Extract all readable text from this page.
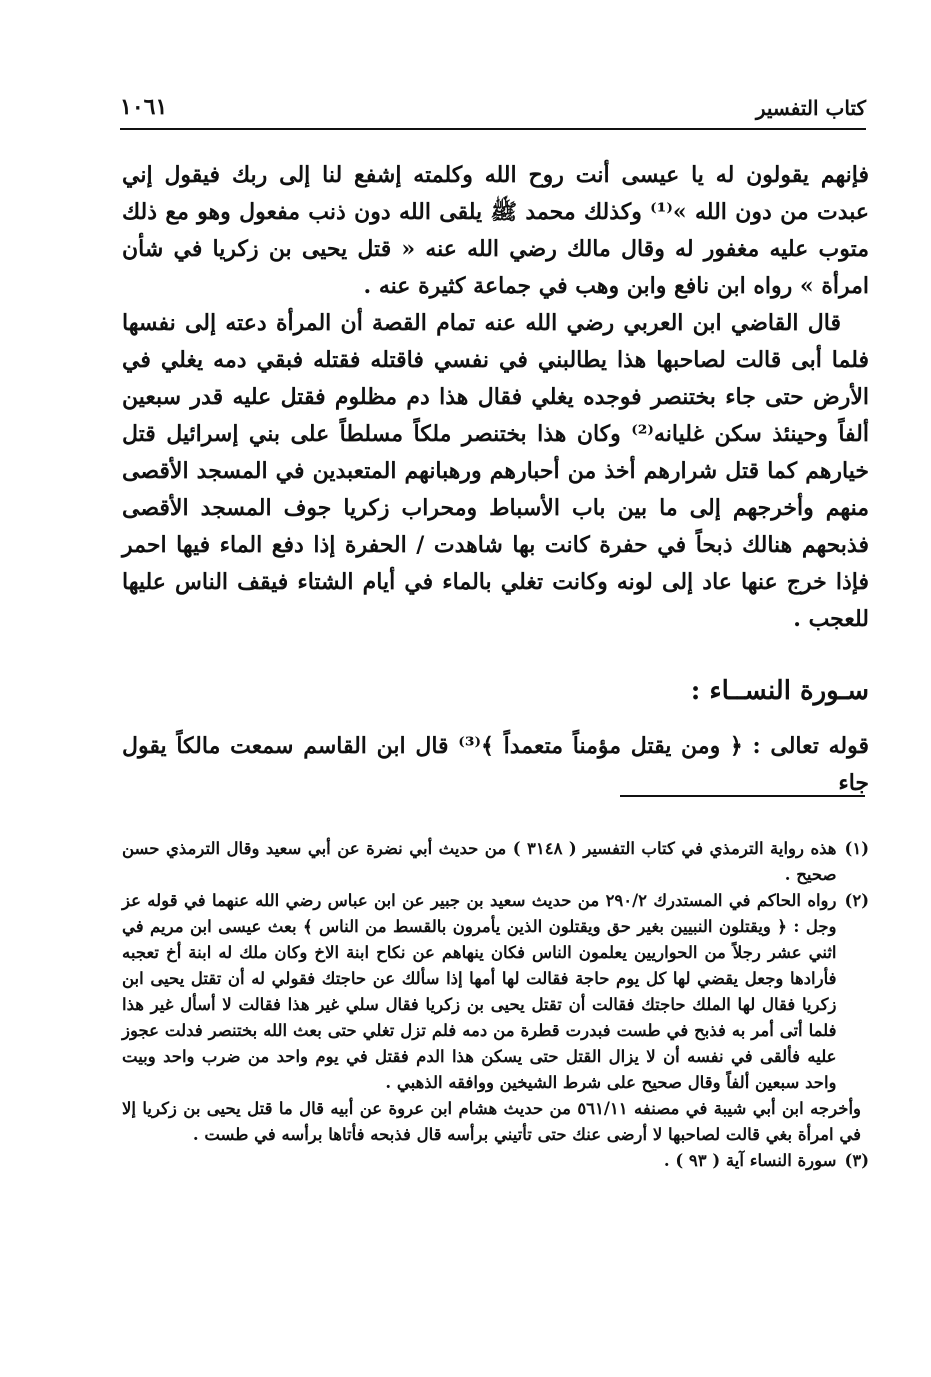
كتاب التفسير
١٠٦١

فإنهم يقولون له يا عيسى أنت روح الله وكلمته إشفع لنا إلى ربك فيقول إني عبدت من دون الله »⁽¹⁾ وكذلك محمد ﷺ يلقى الله دون ذنب مفعول وهو مع ذلك متوب عليه مغفور له وقال مالك رضي الله عنه « قتل يحيى بن زكريا في شأن امرأة » رواه ابن نافع وابن وهب في جماعة كثيرة عنه .

قال القاضي ابن العربي رضي الله عنه تمام القصة أن المرأة دعته إلى نفسها فلما أبى قالت لصاحبها هذا يطالبني في نفسي فاقتله فقتله فبقي دمه يغلي في الأرض حتى جاء بختنصر فوجده يغلي فقال هذا دم مظلوم فقتل عليه قدر سبعين ألفاً وحينئذ سكن غليانه⁽²⁾ وكان هذا بختنصر ملكاً مسلطاً على بني إسرائيل قتل خيارهم كما قتل شرارهم أخذ من أحبارهم ورهبانهم المتعبدين في المسجد الأقصى منهم وأخرجهم إلى ما بين باب الأسباط ومحراب زكريا جوف المسجد الأقصى فذبحهم هنالك ذبحاً في حفرة كانت بها شاهدت / الحفرة إذا دفع الماء فيها احمر فإذا خرج عنها عاد إلى لونه وكانت تغلي بالماء في أيام الشتاء فيقف الناس عليها للعجب .

سـورة النســاء :
قوله تعالى : ﴿ ومن يقتل مؤمناً متعمداً ﴾⁽³⁾ قال ابن القاسم سمعت مالكاً يقول جاء
(١)
هذه رواية الترمذي في كتاب التفسير ( ٣١٤٨ ) من حديث أبي نضرة عن أبي سعيد وقال الترمذي حسن صحيح .
(٢)
رواه الحاكم في المستدرك ٢٩٠/٢ من حديث سعيد بن جبير عن ابن عباس رضي الله عنهما في قوله عز وجل : ﴿ ويقتلون النبيين بغير حق ويقتلون الذين يأمرون بالقسط من الناس ﴾ بعث عيسى ابن مريم في اثني عشر رجلاً من الحواريين يعلمون الناس فكان ينهاهم عن نكاح ابنة الاخ وكان ملك له ابنة أخ تعجبه فأرادها وجعل يقضي لها كل يوم حاجة فقالت لها أمها إذا سألك عن حاجتك فقولي له أن تقتل يحيى ابن زكريا فقال لها الملك حاجتك فقالت أن تقتل يحيى بن زكريا فقال سلي غير هذا فقالت لا أسأل غير هذا فلما أتى أمر به فذبح في طست فبدرت قطرة من دمه فلم تزل تغلي حتى بعث الله بختنصر فدلت عجوز عليه فألقى في نفسه أن لا يزال القتل حتى يسكن هذا الدم فقتل في يوم واحد من ضرب واحد وبيت واحد سبعين ألفاً وقال صحيح على شرط الشيخين ووافقه الذهبي .
وأخرجه ابن أبي شيبة في مصنفه ٥٦١/١١ من حديث هشام ابن عروة عن أبيه قال ما قتل يحيى بن زكريا إلا في امرأة بغي قالت لصاحبها لا أرضى عنك حتى تأتيني برأسه قال فذبحه فأتاها برأسه في طست .
(٣)
سورة النساء آية ( ٩٣ ) .
